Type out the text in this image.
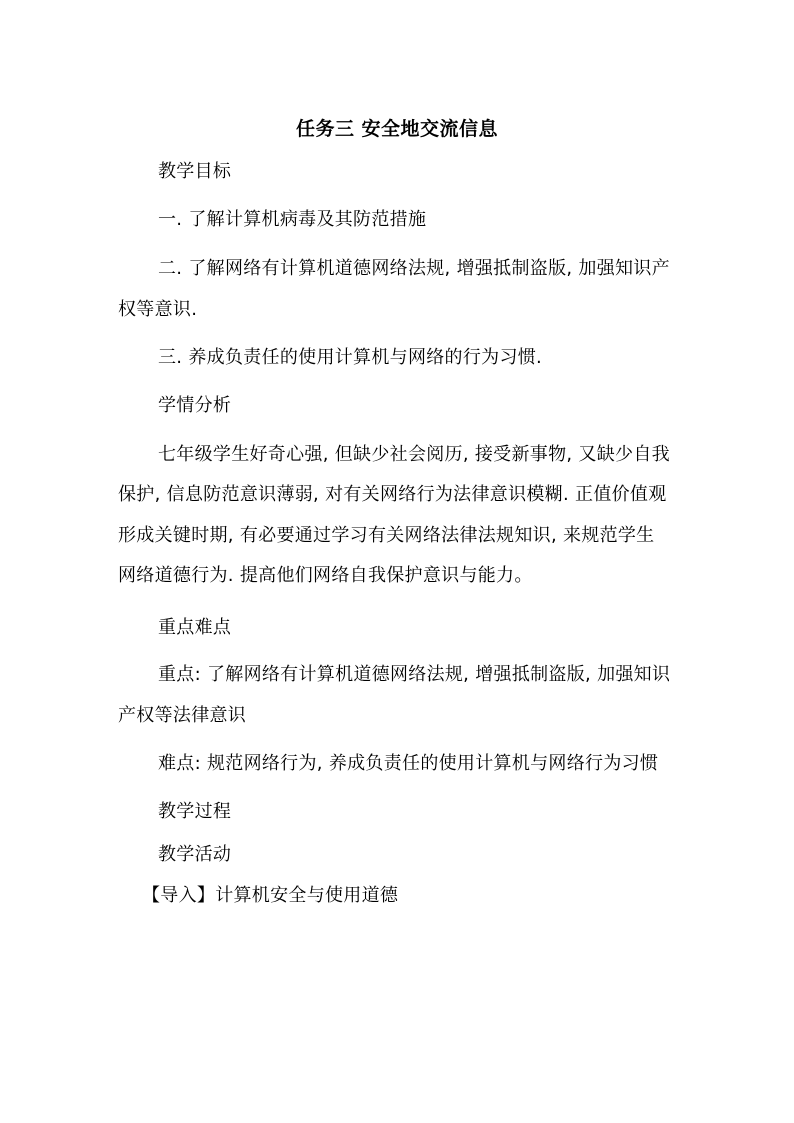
任务三 安全地交流信息
教学目标
一. 了解计算机病毒及其防范措施
二. 了解网络有计算机道德网络法规, 增强抵制盗版, 加强知识产
权等意识.
三. 养成负责任的使用计算机与网络的行为习惯.
学情分析
七年级学生好奇心强, 但缺少社会阅历, 接受新事物, 又缺少自我
保护, 信息防范意识薄弱, 对有关网络行为法律意识模糊. 正值价值观
形成关键时期, 有必要通过学习有关网络法律法规知识, 来规范学生
网络道德行为. 提高他们网络自我保护意识与能力。
重点难点
重点: 了解网络有计算机道德网络法规, 增强抵制盗版, 加强知识
产权等法律意识
难点: 规范网络行为, 养成负责任的使用计算机与网络行为习惯
教学过程
教学活动
【导入】计算机安全与使用道德
